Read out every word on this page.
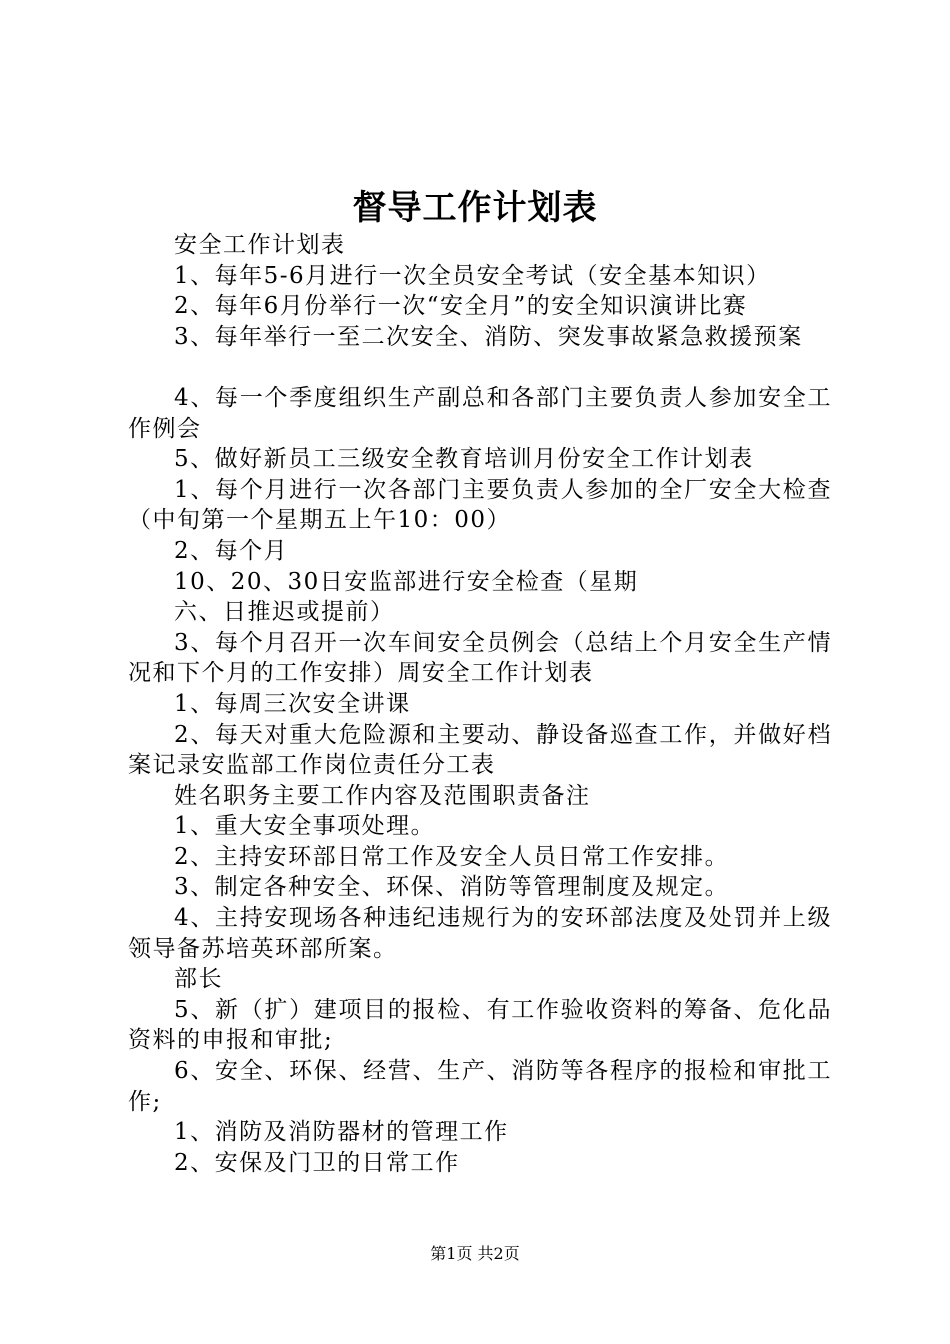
督导工作计划表

安全工作计划表

1、每年5-6月进行一次全员安全考试（安全基本知识）

2、每年6月份举行一次“安全月”的安全知识演讲比赛

3、每年举行一至二次安全、消防、突发事故紧急救援预案

4、每一个季度组织生产副总和各部门主要负责人参加安全工作例会

5、做好新员工三级安全教育培训月份安全工作计划表

1、每个月进行一次各部门主要负责人参加的全厂安全大检查（中旬第一个星期五上午10：00）

2、每个月

10、20、30日安监部进行安全检查（星期

六、日推迟或提前）

3、每个月召开一次车间安全员例会（总结上个月安全生产情况和下个月的工作安排）周安全工作计划表

1、每周三次安全讲课

2、每天对重大危险源和主要动、静设备巡查工作，并做好档案记录安监部工作岗位责任分工表

姓名职务主要工作内容及范围职责备注

1、重大安全事项处理。

2、主持安环部日常工作及安全人员日常工作安排。

3、制定各种安全、环保、消防等管理制度及规定。

4、主持安现场各种违纪违规行为的安环部法度及处罚并上级领导备苏培英环部所案。

部长

5、新（扩）建项目的报检、有工作验收资料的筹备、危化品资料的申报和审批;

6、安全、环保、经营、生产、消防等各程序的报检和审批工作;

1、消防及消防器材的管理工作

2、安保及门卫的日常工作

第1页 共2页
